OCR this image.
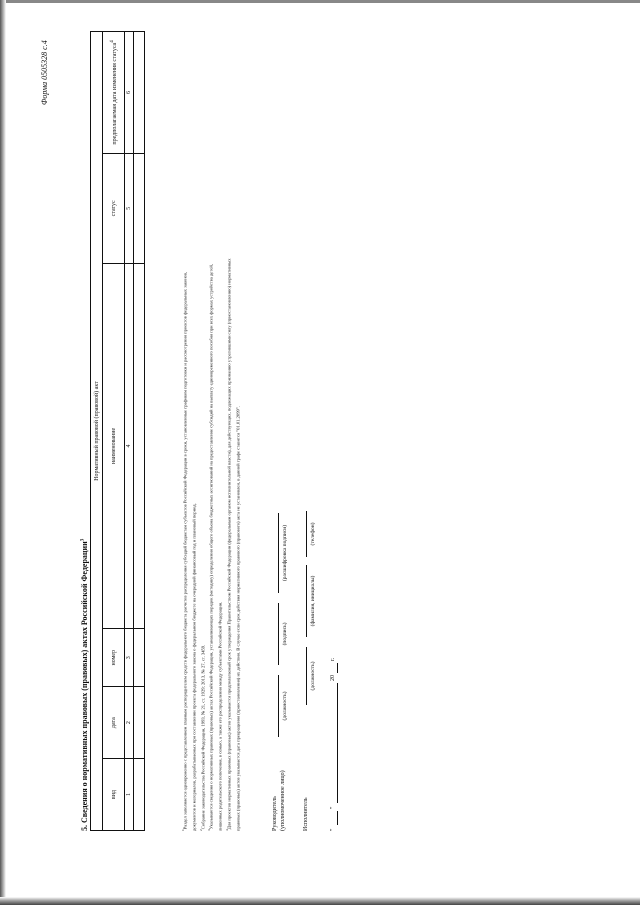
Форма 0505328 с.4
5. Сведения о нормативных правовых (правовых) актах Российской Федерации$^3$
Нормативный правовой (правовой) акт					
вид	дата	номер	наименование	статус	предполагаемая дата изменения статуса$^4$
1	2	3	4	5	6

$^1$Раздел заполняется одновременно с представлением главным распорядителем средств федерального бюджета расчетов распределения субсидий бюджетам субъектов Российской Федерации в сроки, установленные графиком подготовки и рассмотрения проектов федеральных законов, документов и материалов, разрабатываемых при составлении проекта федерального закона о федеральном бюджете на очередной финансовый год и плановый период. $^2$Собрание законодательства Российской Федерации, 1993, № 21, ст. 1929; 2013, № 27, ст. 3459.

$^3$Указываются сведения о нормативных правовых (правовых) актах Российской Федерации, устанавливающих порядок (методику) определения общего объема бюджетных ассигнований на предоставление субсидий на выплату единовременного пособия при всех формах устройства детей, лишенных родительского попечения, в семью, а также его распределения между субъектами Российской Федерации. $^4$Для проектов нормативных правовых (правовых) актов указывается предполагаемый срок утверждения Правительством Российской Федерации (федеральным органом исполнительной власти), для действующих, подлежащих признанию утратившими силу (приостановлению) нормативных правовых (правовых) актов указывается дата прекращения (приостановления) их действия. В случае если срок действия нормативного правового (правового) акта не установлен, в данной графе ставится "01.01.2099".	Руководитель (уполномоченное лицо)
(должность)
(подпись)
(расшифровка подписи)
Исполнитель
(должность)
(фамилия, инициалы)
(телефон)
"
"
20
г.
